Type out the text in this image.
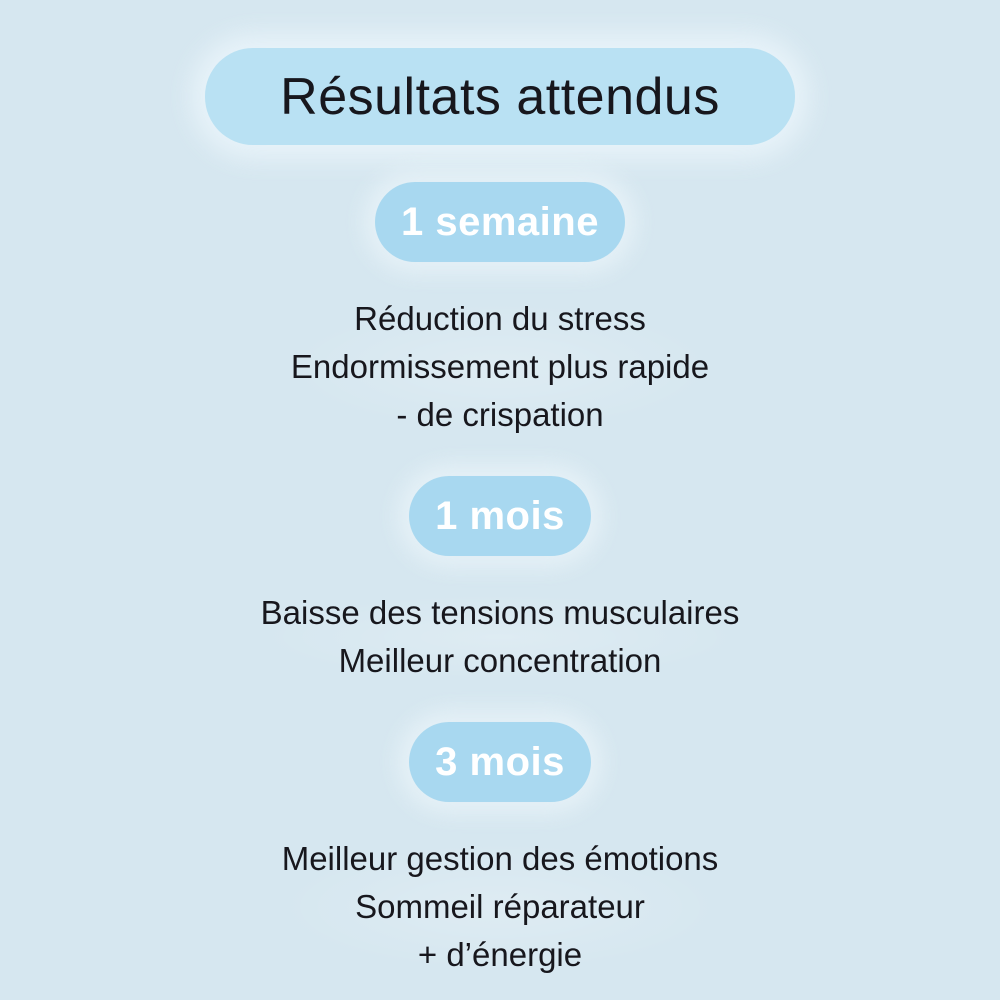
Résultats attendus
1 semaine

Réduction du stress

Endormissement plus rapide

- de crispation

1 mois

Baisse des tensions musculaires

Meilleur concentration

3 mois

Meilleur gestion des émotions

Sommeil réparateur

+ d’énergie
